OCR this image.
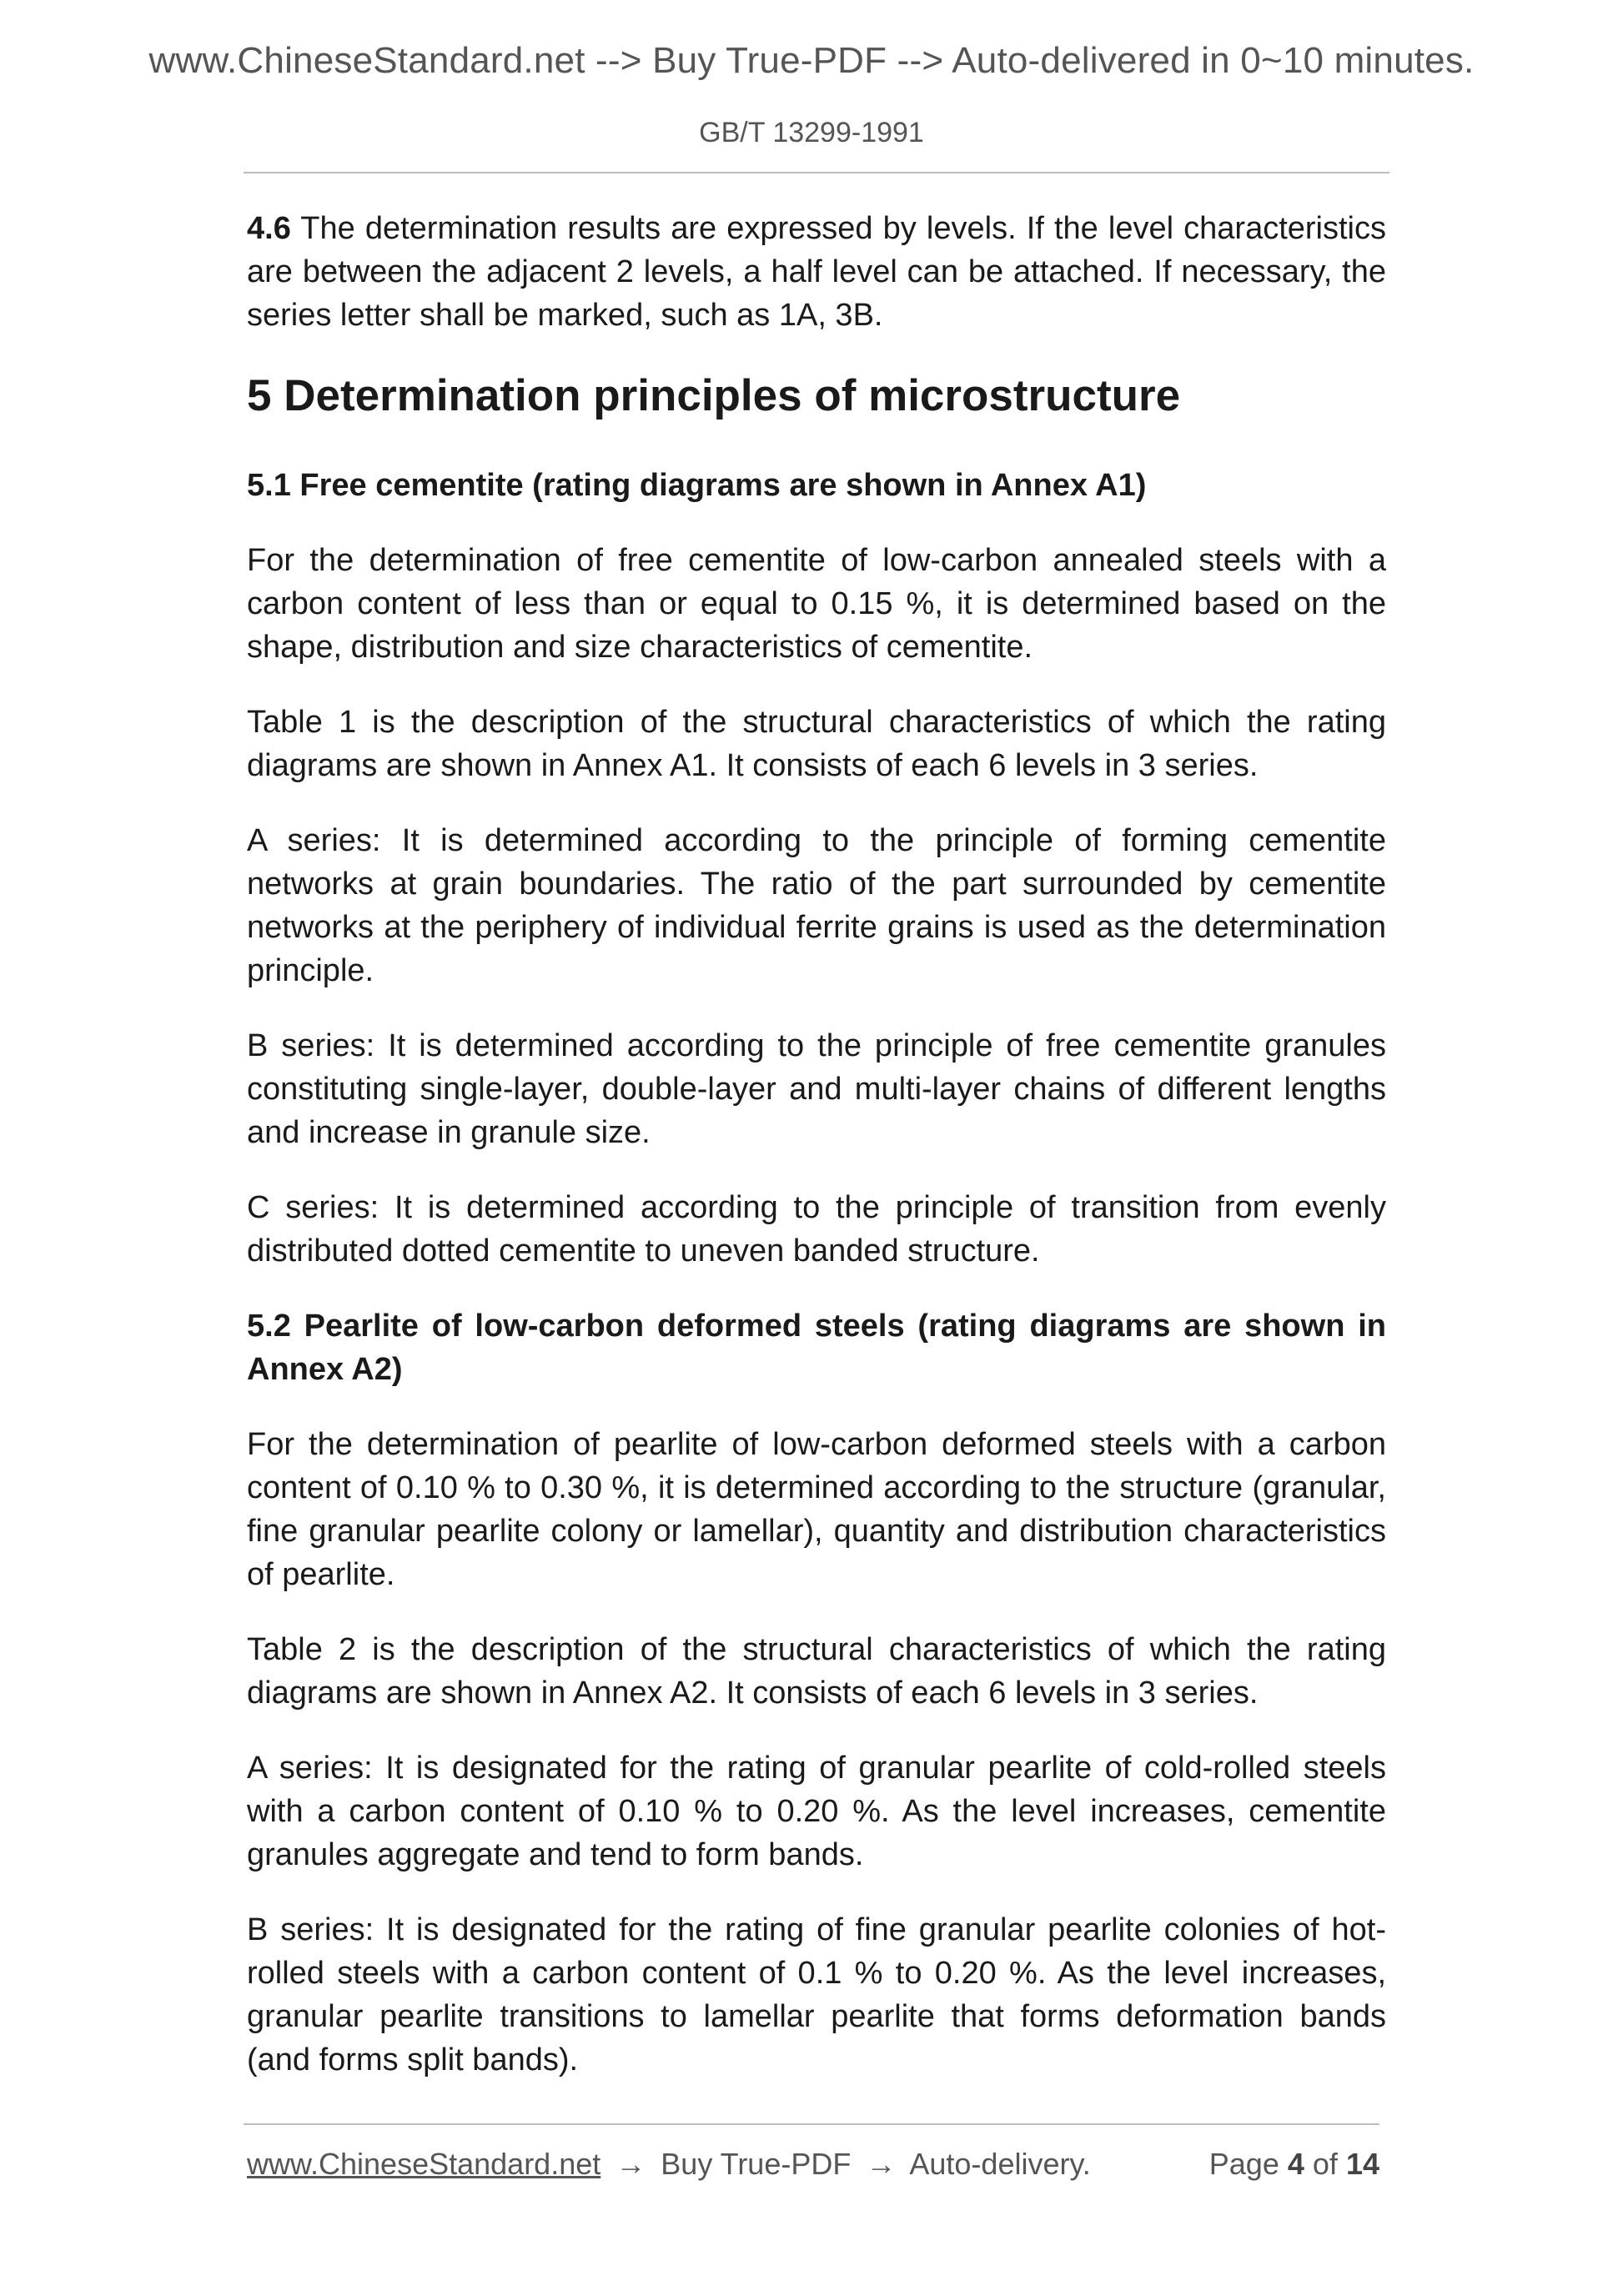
www.ChineseStandard.net --> Buy True-PDF --> Auto-delivered in 0~10 minutes.
GB/T 13299-1991

4.6 The determination results are expressed by levels. If the level characteristics are between the adjacent 2 levels, a half level can be attached. If necessary, the series letter shall be marked, such as 1A, 3B.

5 Determination principles of microstructure
5.1 Free cementite (rating diagrams are shown in Annex A1)

For the determination of free cementite of low-carbon annealed steels with a carbon content of less than or equal to 0.15 %, it is determined based on the shape, distribution and size characteristics of cementite.

Table 1 is the description of the structural characteristics of which the rating diagrams are shown in Annex A1. It consists of each 6 levels in 3 series.

A series: It is determined according to the principle of forming cementite networks at grain boundaries. The ratio of the part surrounded by cementite networks at the periphery of individual ferrite grains is used as the determination principle.

B series: It is determined according to the principle of free cementite granules constituting single-layer, double-layer and multi-layer chains of different lengths and increase in granule size.

C series: It is determined according to the principle of transition from evenly distributed dotted cementite to uneven banded structure.

5.2 Pearlite of low-carbon deformed steels (rating diagrams are shown in Annex A2)

For the determination of pearlite of low-carbon deformed steels with a carbon content of 0.10 % to 0.30 %, it is determined according to the structure (granular, fine granular pearlite colony or lamellar), quantity and distribution characteristics of pearlite.

Table 2 is the description of the structural characteristics of which the rating diagrams are shown in Annex A2. It consists of each 6 levels in 3 series.

A series: It is designated for the rating of granular pearlite of cold-rolled steels with a carbon content of 0.10 % to 0.20 %. As the level increases, cementite granules aggregate and tend to form bands.

B series: It is designated for the rating of fine granular pearlite colonies of hot-rolled steels with a carbon content of 0.1 % to 0.20 %. As the level increases, granular pearlite transitions to lamellar pearlite that forms deformation bands (and forms split bands).

www.ChineseStandard.net → Buy True-PDF → Auto-delivery.	Page 4 of 14
